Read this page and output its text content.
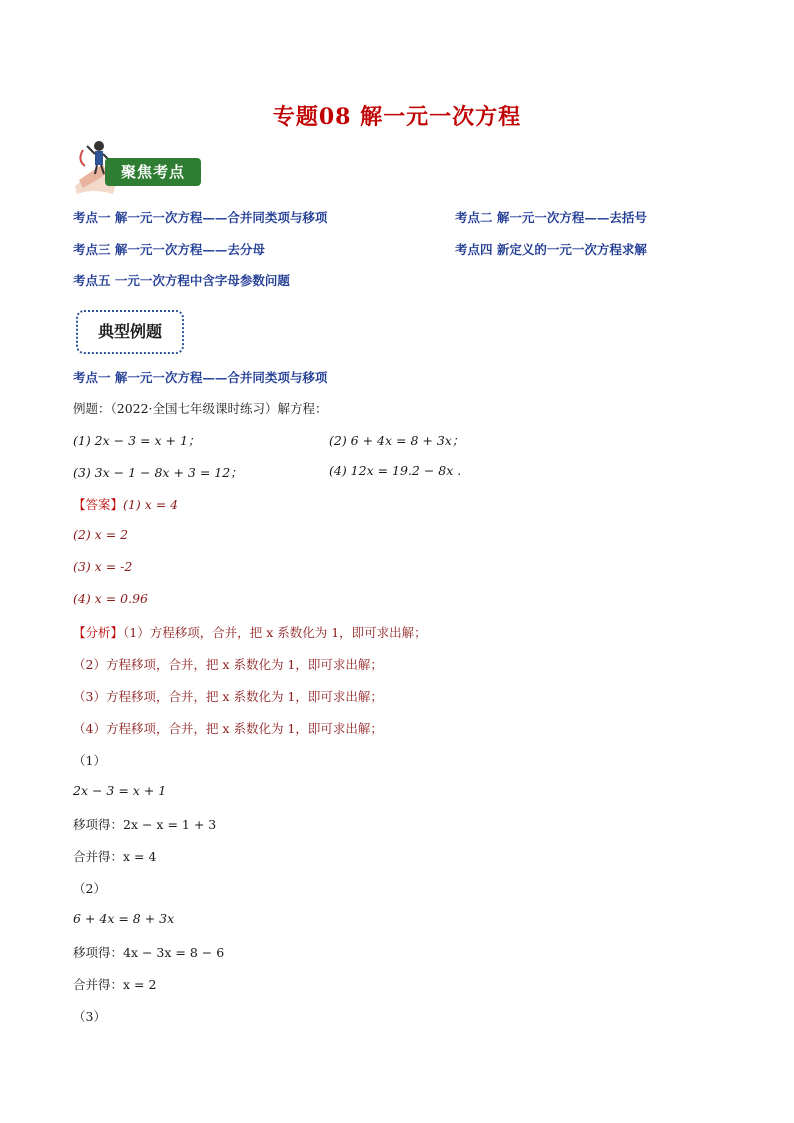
专题08 解一元一次方程
聚焦考点
考点一 解一元一次方程——合并同类项与移项	考点二 解一元一次方程——去括号
考点三 解一元一次方程——去分母	考点四 新定义的一元一次方程求解
考点五 一元一次方程中含字母参数问题
典型例题
考点一 解一元一次方程——合并同类项与移项
例题：（2022·全国七年级课时练习）解方程：
(1) 2x − 3 = x + 1；	(2) 6 + 4x = 8 + 3x；
(3) 3x − 1 − 8x + 3 = 12；	(4) 12x = 19.2 − 8x .
【答案】(1) x = 4
(2) x = 2
(3) x = -2
(4) x = 0.96
【分析】（1）方程移项，合并，把 x 系数化为 1，即可求出解；
（2）方程移项，合并，把 x 系数化为 1，即可求出解；
（3）方程移项，合并，把 x 系数化为 1，即可求出解；
（4）方程移项，合并，把 x 系数化为 1，即可求出解；
（1）
2x − 3 = x + 1
移项得：2x − x = 1 + 3
合并得：x = 4
（2）
6 + 4x = 8 + 3x
移项得：4x − 3x = 8 − 6
合并得：x = 2
（3）
